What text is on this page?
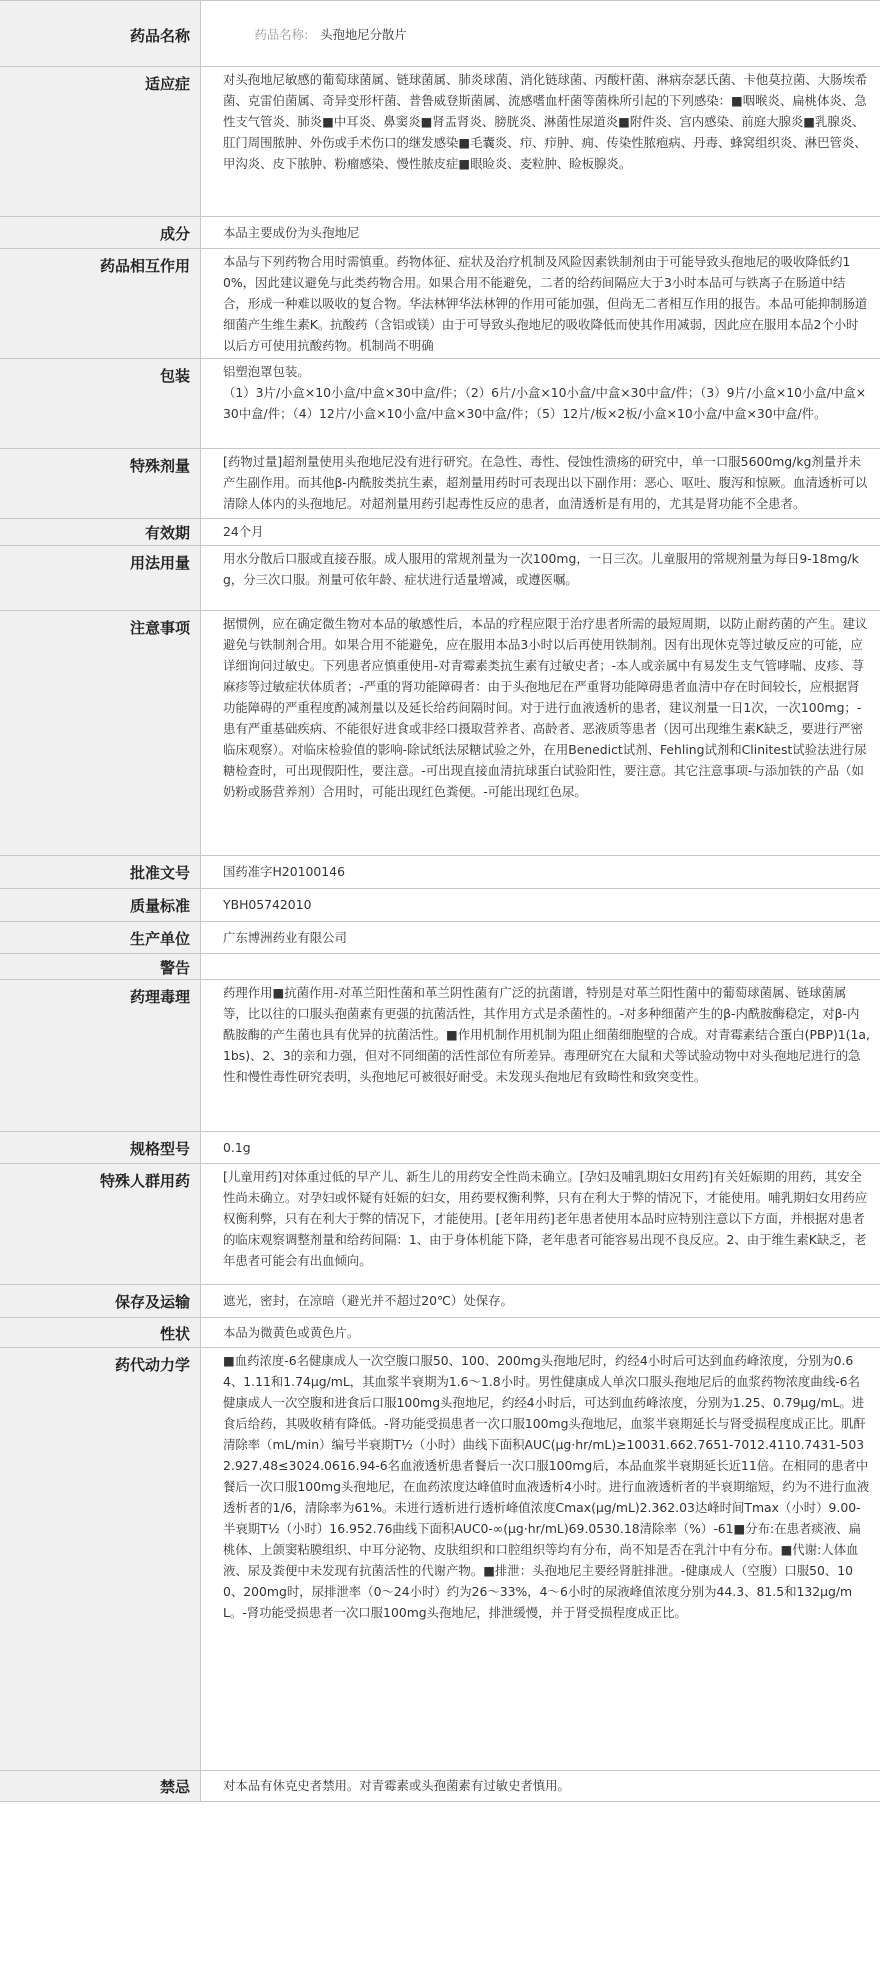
药品名称	药品名称: 头孢地尼分散片

适应症	对头孢地尼敏感的葡萄球菌属、链球菌属、肺炎球菌、消化链球菌、丙酸杆菌、淋病奈瑟氏菌、卡他莫拉菌、大肠埃希菌、克雷伯菌属、奇异变形杆菌、普鲁威登斯菌属、流感嗜血杆菌等菌株所引起的下列感染：■咽喉炎、扁桃体炎、急性支气管炎、肺炎■中耳炎、鼻窦炎■肾盂肾炎、膀胱炎、淋菌性尿道炎■附件炎、宫内感染、前庭大腺炎■乳腺炎、肛门周围脓肿、外伤或手术伤口的继发感染■毛囊炎、疖、疖肿、痈、传染性脓疱病、丹毒、蜂窝组织炎、淋巴管炎、甲沟炎、皮下脓肿、粉瘤感染、慢性脓皮症■眼睑炎、麦粒肿、睑板腺炎。

成分	本品主要成份为头孢地尼

药品相互作用	本品与下列药物合用时需慎重。药物体征、症状及治疗机制及风险因素铁制剂由于可能导致头孢地尼的吸收降低约10%，因此建议避免与此类药物合用。如果合用不能避免，二者的给药间隔应大于3小时本品可与铁离子在肠道中结合，形成一种难以吸收的复合物。华法林钾华法林钾的作用可能加强，但尚无二者相互作用的报告。本品可能抑制肠道细菌产生维生素K。抗酸药（含铝或镁）由于可导致头孢地尼的吸收降低而使其作用减弱，因此应在服用本品2个小时以后方可使用抗酸药物。机制尚不明确

包装	铝塑泡罩包装。
（1）3片/小盒×10小盒/中盒×30中盒/件；（2）6片/小盒×10小盒/中盒×30中盒/件；（3）9片/小盒×10小盒/中盒×30中盒/件；（4）12片/小盒×10小盒/中盒×30中盒/件；（5）12片/板×2板/小盒×10小盒/中盒×30中盒/件。

特殊剂量	[药物过量]超剂量使用头孢地尼没有进行研究。在急性、毒性、侵蚀性溃疡的研究中，单一口服5600mg/kg剂量并未产生副作用。而其他β-内酰胺类抗生素，超剂量用药时可表现出以下副作用：恶心、呕吐、腹泻和惊厥。血清透析可以清除人体内的头孢地尼。对超剂量用药引起毒性反应的患者，血清透析是有用的，尤其是肾功能不全患者。

有效期	24个月

用法用量	用水分散后口服或直接吞服。成人服用的常规剂量为一次100mg，一日三次。儿童服用的常规剂量为每日9-18mg/kg，分三次口服。剂量可依年龄、症状进行适量增减，或遵医嘱。

注意事项	据惯例，应在确定微生物对本品的敏感性后，本品的疗程应限于治疗患者所需的最短周期，以防止耐药菌的产生。建议避免与铁制剂合用。如果合用不能避免，应在服用本品3小时以后再使用铁制剂。因有出现休克等过敏反应的可能，应详细询问过敏史。下列患者应慎重使用-对青霉素类抗生素有过敏史者；-本人或亲属中有易发生支气管哮喘、皮疹、荨麻疹等过敏症状体质者；-严重的肾功能障碍者：由于头孢地尼在严重肾功能障碍患者血清中存在时间较长，应根据肾功能障碍的严重程度酌减剂量以及延长给药间隔时间。对于进行血液透析的患者，建议剂量一日1次，一次100mg；-患有严重基础疾病、不能很好进食或非经口摄取营养者、高龄者、恶液质等患者（因可出现维生素K缺乏，要进行严密临床观察）。对临床检验值的影响-除试纸法尿糖试验之外，在用Benedict试剂、Fehling试剂和Clinitest试验法进行尿糖检查时，可出现假阳性，要注意。-可出现直接血清抗球蛋白试验阳性，要注意。其它注意事项-与添加铁的产品（如奶粉或肠营养剂）合用时，可能出现红色粪便。-可能出现红色尿。

批准文号	国药准字H20100146

质量标准	YBH05742010

生产单位	广东博洲药业有限公司

警告

药理毒理	药理作用■抗菌作用-对革兰阳性菌和革兰阴性菌有广泛的抗菌谱，特别是对革兰阳性菌中的葡萄球菌属、链球菌属等，比以往的口服头孢菌素有更强的抗菌活性，其作用方式是杀菌性的。-对多种细菌产生的β-内酰胺酶稳定，对β-内酰胺酶的产生菌也具有优异的抗菌活性。■作用机制作用机制为阻止细菌细胞壁的合成。对青霉素结合蛋白(PBP)1(1a,1bs)、2、3的亲和力强，但对不同细菌的活性部位有所差异。毒理研究在大鼠和犬等试验动物中对头孢地尼进行的急性和慢性毒性研究表明，头孢地尼可被很好耐受。未发现头孢地尼有致畸性和致突变性。

规格型号	0.1g

特殊人群用药	[儿童用药]对体重过低的早产儿、新生儿的用药安全性尚未确立。[孕妇及哺乳期妇女用药]有关妊娠期的用药，其安全性尚未确立。对孕妇或怀疑有妊娠的妇女，用药要权衡利弊，只有在利大于弊的情况下，才能使用。哺乳期妇女用药应权衡利弊，只有在利大于弊的情况下，才能使用。[老年用药]老年患者使用本品时应特别注意以下方面，并根据对患者的临床观察调整剂量和给药间隔：1、由于身体机能下降，老年患者可能容易出现不良反应。2、由于维生素K缺乏，老年患者可能会有出血倾向。

保存及运输	遮光，密封，在凉暗（避光并不超过20℃）处保存。

性状	本品为微黄色或黄色片。

药代动力学	■血药浓度-6名健康成人一次空腹口服50、100、200mg头孢地尼时，约经4小时后可达到血药峰浓度，分别为0.64、1.11和1.74μg/mL，其血浆半衰期为1.6～1.8小时。男性健康成人单次口服头孢地尼后的血浆药物浓度曲线-6名健康成人一次空腹和进食后口服100mg头孢地尼，约经4小时后，可达到血药峰浓度，分别为1.25、0.79μg/mL。进食后给药，其吸收稍有降低。-肾功能受损患者一次口服100mg头孢地尼，血浆半衰期延长与肾受损程度成正比。肌酐清除率（mL/min）编号半衰期T½（小时）曲线下面积AUC(μg·hr/mL)≥10031.662.7651-7012.4110.7431-5032.927.48≤3024.0616.94-6名血液透析患者餐后一次口服100mg后，本品血浆半衰期延长近11倍。在相同的患者中餐后一次口服100mg头孢地尼，在血药浓度达峰值时血液透析4小时。进行血液透析者的半衰期缩短，约为不进行血液透析者的1/6，清除率为61%。未进行透析进行透析峰值浓度Cmax(μg/mL)2.362.03达峰时间Tmax（小时）9.00-半衰期T½（小时）16.952.76曲线下面积AUC0-∞(μg·hr/mL)69.0530.18清除率（%）-61■分布:在患者痰液、扁桃体、上颌窦粘膜组织、中耳分泌物、皮肤组织和口腔组织等均有分布，尚不知是否在乳汁中有分布。■代谢:人体血液、尿及粪便中未发现有抗菌活性的代谢产物。■排泄：头孢地尼主要经肾脏排泄。-健康成人（空腹）口服50、100、200mg时，尿排泄率（0～24小时）约为26～33%，4～6小时的尿液峰值浓度分别为44.3、81.5和132μg/mL。-肾功能受损患者一次口服100mg头孢地尼，排泄缓慢，并于肾受损程度成正比。

禁忌	对本品有休克史者禁用。对青霉素或头孢菌素有过敏史者慎用。
